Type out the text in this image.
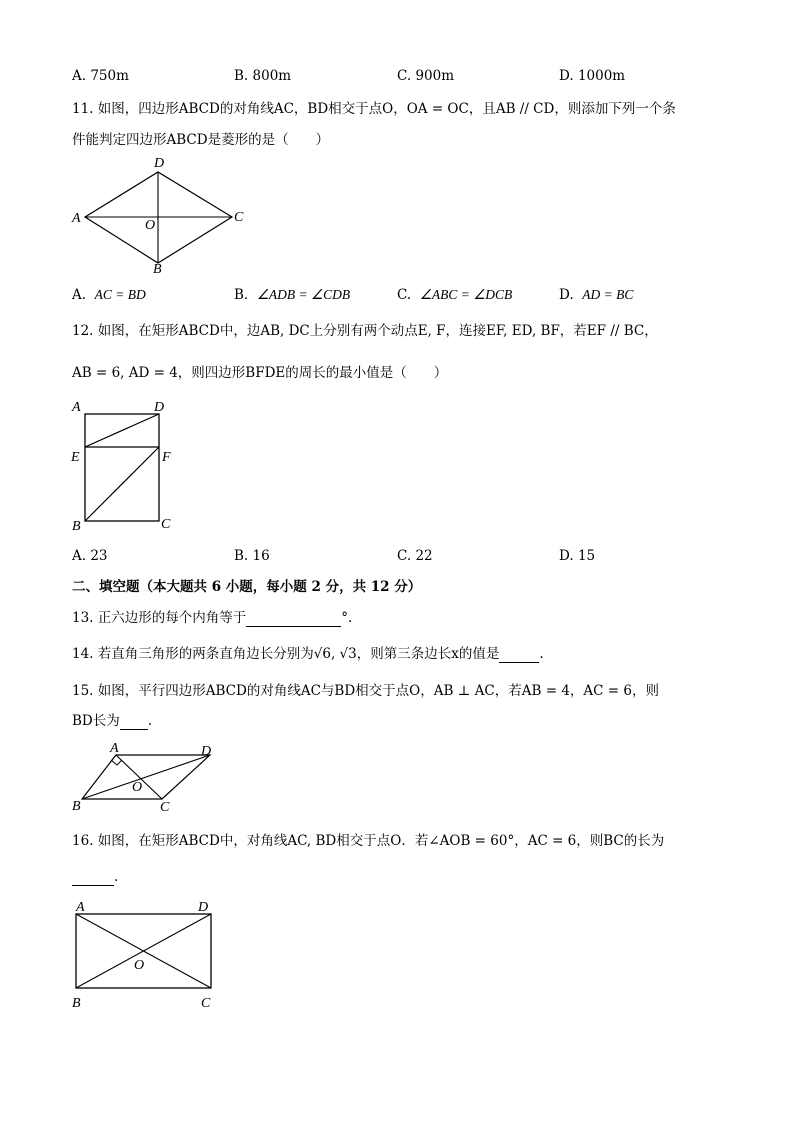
A. 750m	B. 800m	C. 900m	D. 1000m
11. 如图，四边形ABCD的对角线AC，BD相交于点O，OA = OC，且AB // CD，则添加下列一个条
件能判定四边形ABCD是菱形的是（　　）
A
D
C
B
O
A. AC = BD	B. ∠ADB = ∠CDB	C. ∠ABC = ∠DCB	D. AD = BC
12. 如图，在矩形ABCD中，边AB, DC上分别有两个动点E, F，连接EF, ED, BF，若EF // BC，
AB = 6, AD = 4，则四边形BFDE的周长的最小值是（　　）
A	D
E	F
B	C
A. 23	B. 16	C. 22	D. 15
二、填空题（本大题共 6 小题，每小题 2 分，共 12 分）
13. 正六边形的每个内角等于	°.
14. 若直角三角形的两条直角边长分别为√6, √3，则第三条边长x的值是	.
15. 如图，平行四边形ABCD的对角线AC与BD相交于点O，AB ⊥ AC，若AB = 4，AC = 6，则
BD长为 .
A	D
B	C
O
16. 如图，在矩形ABCD中，对角线AC, BD相交于点O．若∠AOB = 60°，AC = 6，则BC的长为
.
A	D
B	C
O
